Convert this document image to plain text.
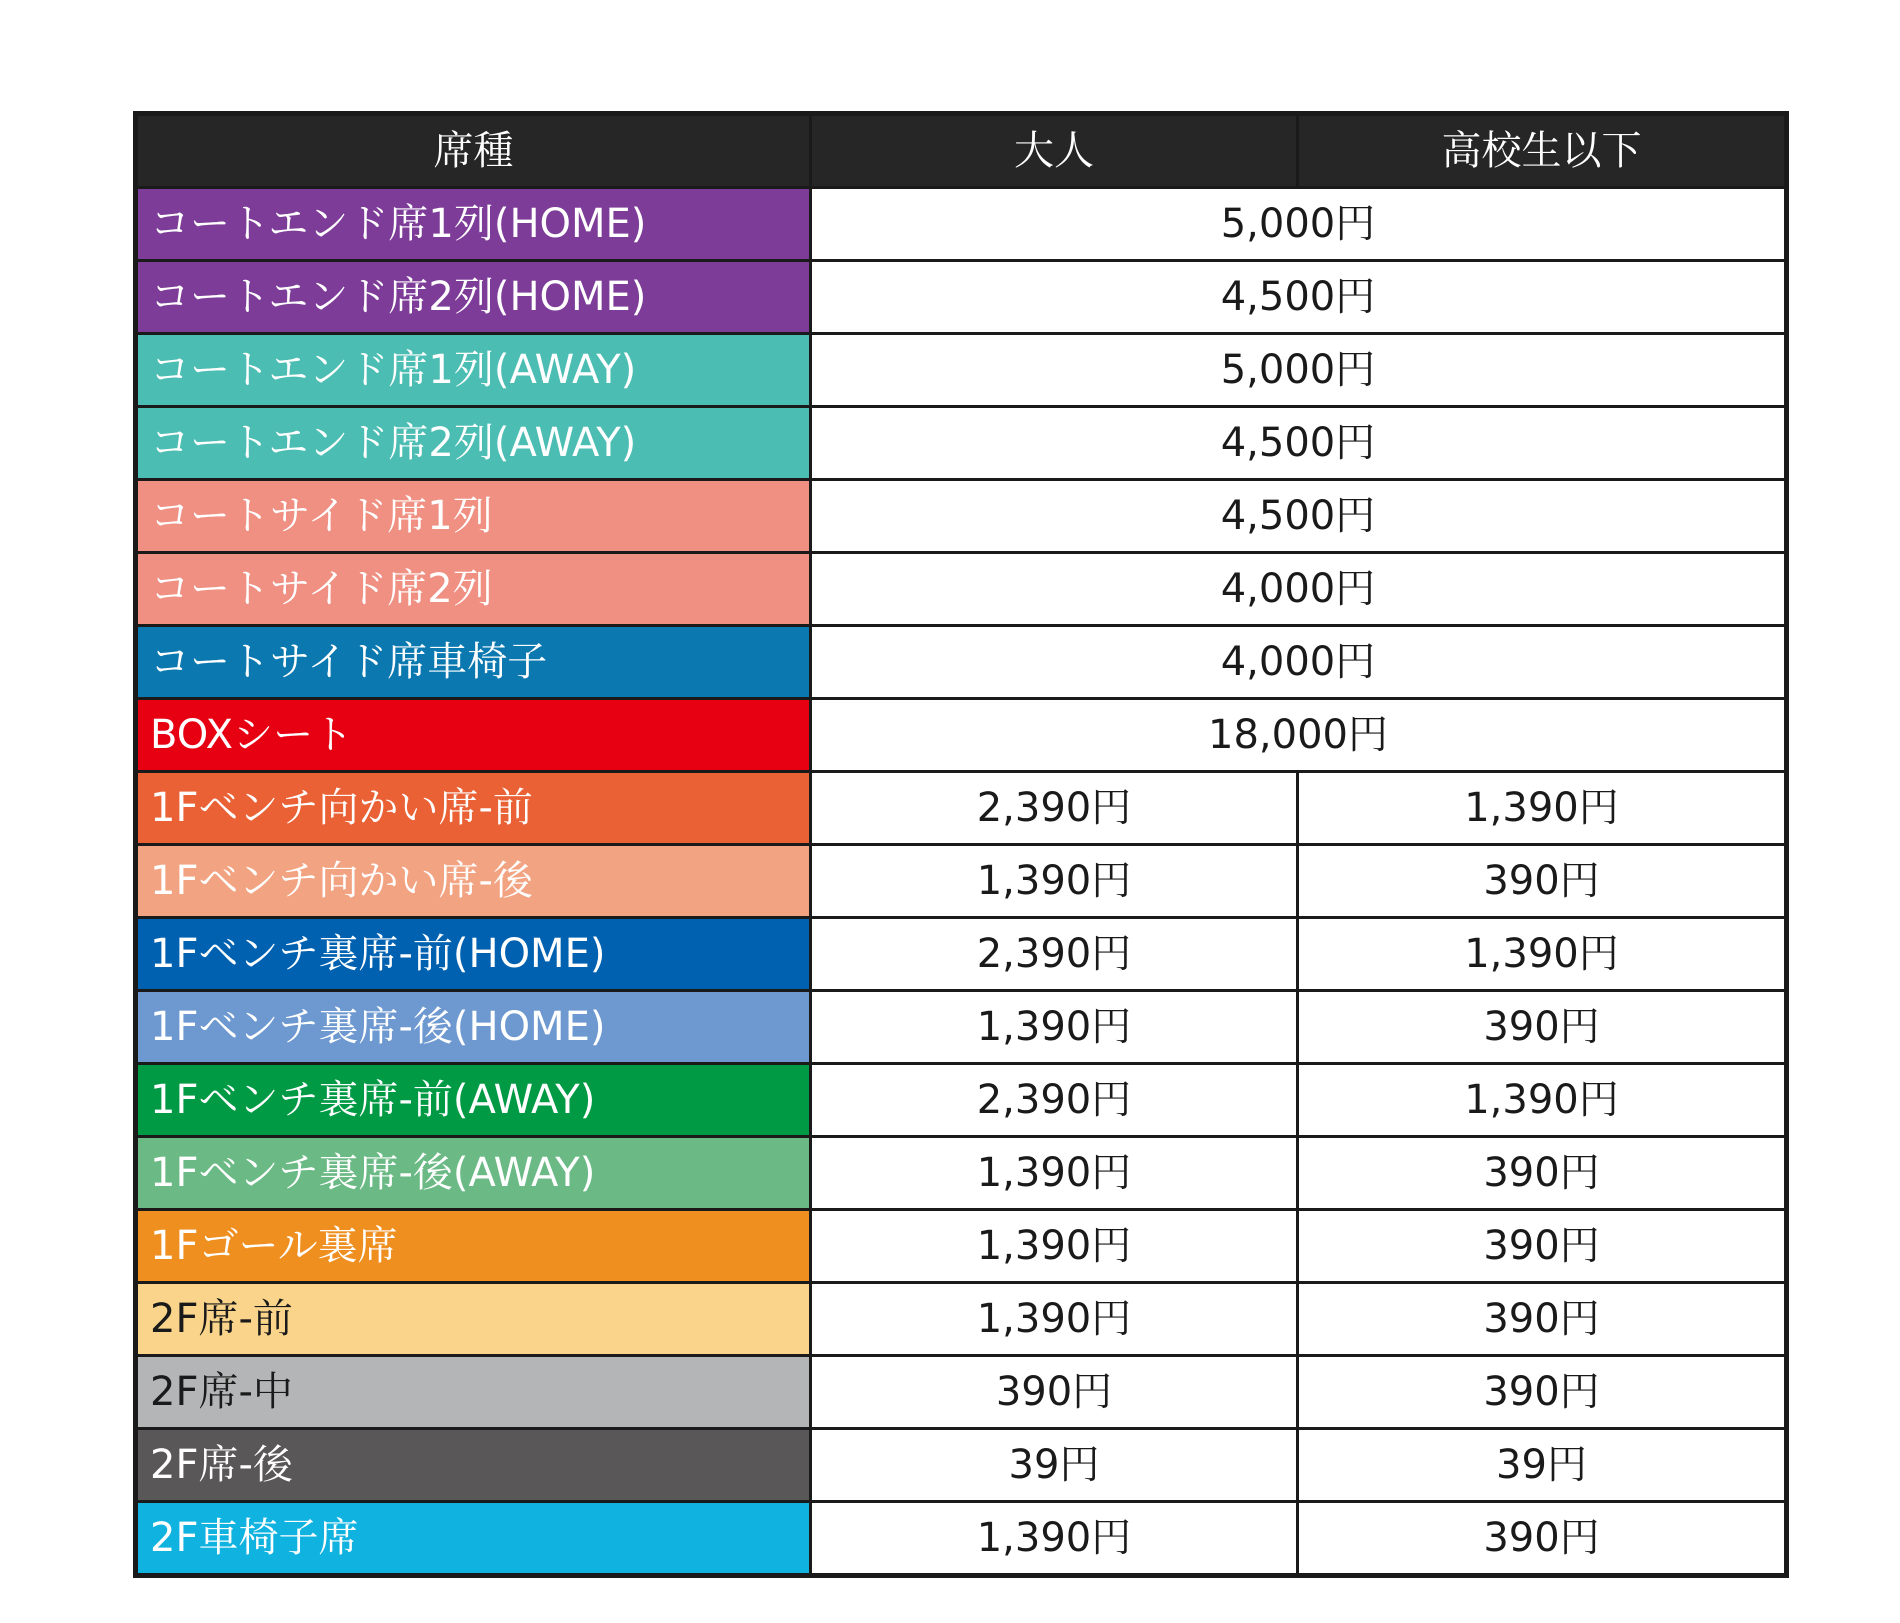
席種	大人	高校生以下
コートエンド席1列(HOME)	5,000円	
コートエンド席2列(HOME)	4,500円	
コートエンド席1列(AWAY)	5,000円	
コートエンド席2列(AWAY)	4,500円	
コートサイド席1列	4,500円	
コートサイド席2列	4,000円	
コートサイド席車椅子	4,000円	
BOXシート	18,000円	
1Fベンチ向かい席-前	2,390円	1,390円
1Fベンチ向かい席-後	1,390円	390円
1Fベンチ裏席-前(HOME)	2,390円	1,390円
1Fベンチ裏席-後(HOME)	1,390円	390円
1Fベンチ裏席-前(AWAY)	2,390円	1,390円
1Fベンチ裏席-後(AWAY)	1,390円	390円
1Fゴール裏席	1,390円	390円
2F席-前	1,390円	390円
2F席-中	390円	390円
2F席-後	39円	39円
2F車椅子席	1,390円	390円
